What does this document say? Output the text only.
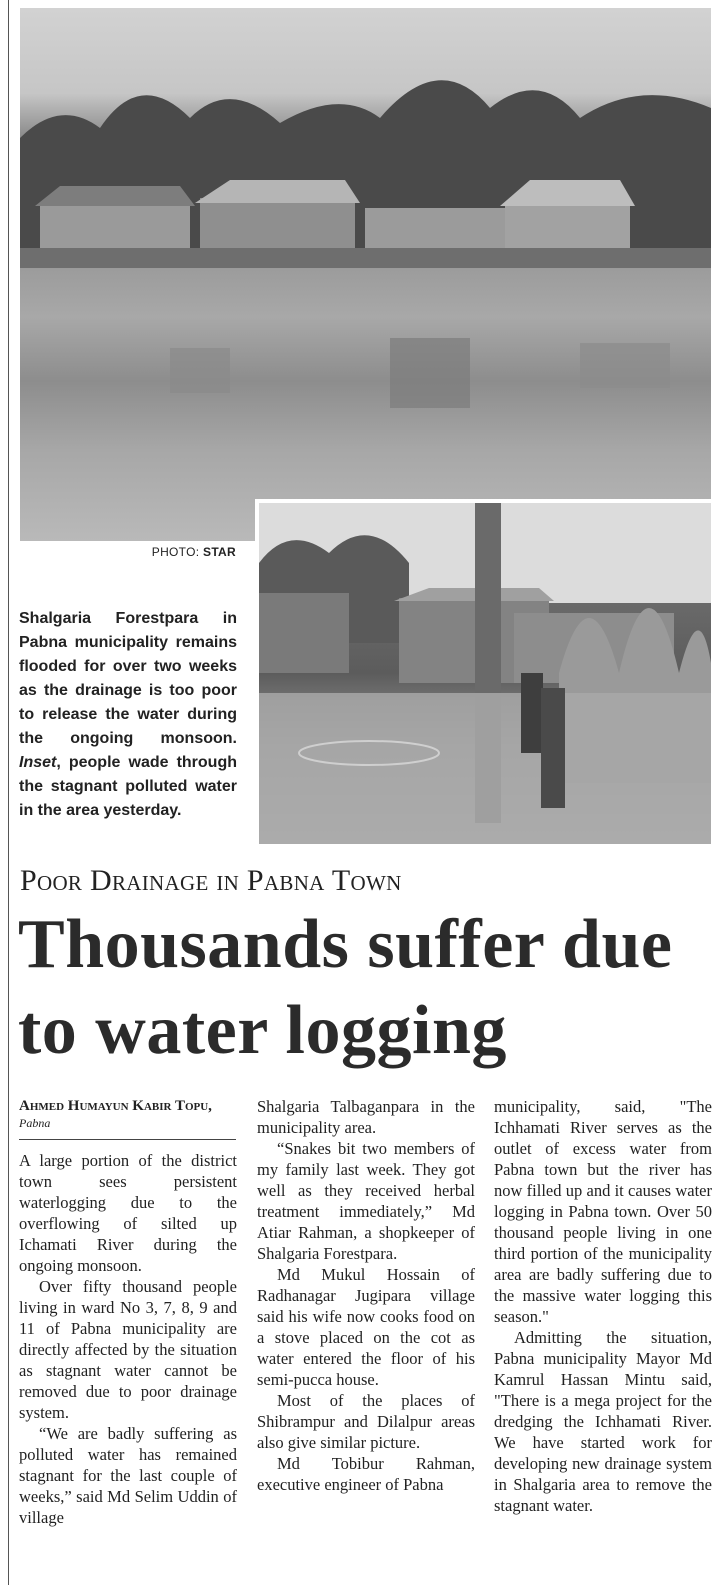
PHOTO: STAR
Shalgaria Forestpara in Pabna municipality remains flooded for over two weeks as the drainage is too poor to release the water during the ongoing monsoon. Inset, people wade through the stagnant polluted water in the area yesterday.
Poor Drainage in Pabna Town
Thousands suffer due to water logging
Ahmed Humayun Kabir Topu, Pabna

A large portion of the district town sees persistent waterlogging due to the overflowing of silted up Ichamati River during the ongoing monsoon.

Over fifty thousand people living in ward No 3, 7, 8, 9 and 11 of Pabna municipality are directly affected by the situation as stagnant water cannot be removed due to poor drainage system.

“We are badly suffering as polluted water has remained stagnant for the last couple of weeks,” said Md Selim Uddin of village

Shalgaria Talbaganpara in the municipality area.

“Snakes bit two members of my family last week. They got well as they received herbal treatment immediately,” Md Atiar Rahman, a shopkeeper of Shalgaria Forestpara.

Md Mukul Hossain of Radhanagar Jugipara village said his wife now cooks food on a stove placed on the cot as water entered the floor of his semi-pucca house.

Most of the places of Shibrampur and Dilalpur areas also give similar picture.

Md Tobibur Rahman, executive engineer of Pabna

municipality, said, "The Ichhamati River serves as the outlet of excess water from Pabna town but the river has now filled up and it causes water logging in Pabna town. Over 50 thousand people living in one third portion of the municipality area are badly suffering due to the massive water logging this season."

Admitting the situation, Pabna municipality Mayor Md Kamrul Hassan Mintu said, "There is a mega project for the dredging the Ichhamati River. We have started work for developing new drainage system in Shalgaria area to remove the stagnant water.
